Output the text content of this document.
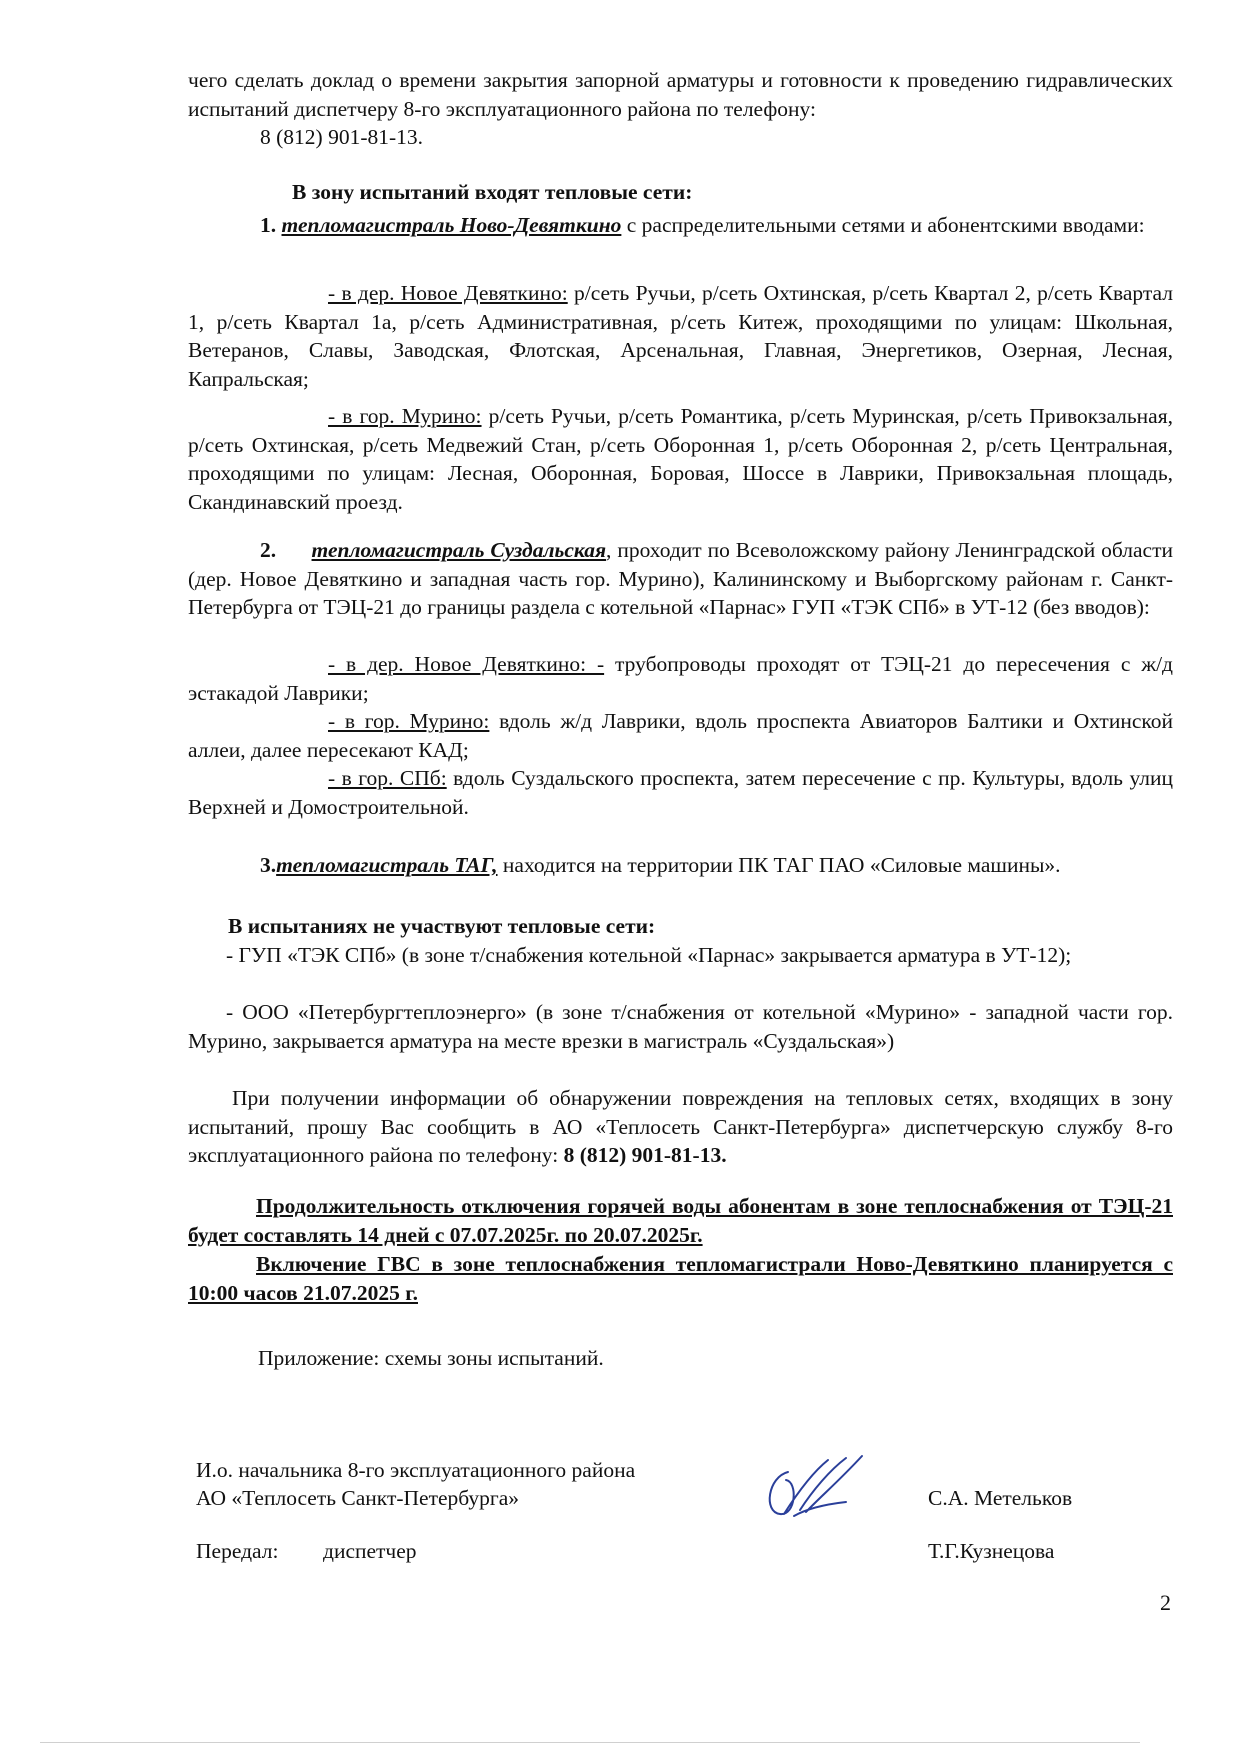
чего сделать доклад о времени закрытия запорной арматуры и готовности к проведению гидравлических испытаний диспетчеру 8-го эксплуатационного района по телефону:
8 (812) 901-81-13.

В зону испытаний входят тепловые сети:

1. тепломагистраль Ново-Девяткино с распределительными сетями и абонентскими вводами:

- в дер. Новое Девяткино: р/сеть Ручьи, р/сеть Охтинская, р/сеть Квартал 2, р/сеть Квартал 1, р/сеть Квартал 1а, р/сеть Административная, р/сеть Китеж, проходящими по улицам: Школьная, Ветеранов, Славы, Заводская, Флотская, Арсенальная, Главная, Энергетиков, Озерная, Лесная, Капральская;

- в гор. Мурино: р/сеть Ручьи, р/сеть Романтика, р/сеть Муринская, р/сеть Привокзальная, р/сеть Охтинская, р/сеть Медвежий Стан, р/сеть Оборонная 1, р/сеть Оборонная 2, р/сеть Центральная, проходящими по улицам: Лесная, Оборонная, Боровая, Шоссе в Лаврики, Привокзальная площадь, Скандинавский проезд.

2. тепломагистраль Суздальская, проходит по Всеволожскому району Ленинградской области (дер. Новое Девяткино и западная часть гор. Мурино), Калининскому и Выборгскому районам г. Санкт-Петербурга от ТЭЦ-21 до границы раздела с котельной «Парнас» ГУП «ТЭК СПб» в УТ-12 (без вводов):

- в дер. Новое Девяткино: - трубопроводы проходят от ТЭЦ-21 до пересечения с ж/д эстакадой Лаврики;

- в гор. Мурино: вдоль ж/д Лаврики, вдоль проспекта Авиаторов Балтики и Охтинской аллеи, далее пересекают КАД;

- в гор. СПб: вдоль Суздальского проспекта, затем пересечение с пр. Культуры, вдоль улиц Верхней и Домостроительной.

3.тепломагистраль ТАГ, находится на территории ПК ТАГ ПАО «Силовые машины».

В испытаниях не участвуют тепловые сети:

- ГУП «ТЭК СПб» (в зоне т/снабжения котельной «Парнас» закрывается арматура в УТ-12);

- ООО «Петербургтеплоэнерго» (в зоне т/снабжения от котельной «Мурино» - западной части гор. Мурино, закрывается арматура на месте врезки в магистраль «Суздальская»)

При получении информации об обнаружении повреждения на тепловых сетях, входящих в зону испытаний, прошу Вас сообщить в АО «Теплосеть Санкт-Петербурга» диспетчерскую службу 8-го эксплуатационного района по телефону: 8 (812) 901-81-13.

Продолжительность отключения горячей воды абонентам в зоне теплоснабжения от ТЭЦ-21 будет составлять 14 дней с 07.07.2025г. по 20.07.2025г.

Включение ГВС в зоне теплоснабжения тепломагистрали Ново-Девяткино планируется с 10:00 часов 21.07.2025 г.

Приложение: схемы зоны испытаний.
И.о. начальника 8-го эксплуатационного района
АО «Теплосеть Санкт-Петербурга»	С.А. Метельков
Передал: диспетчер	Т.Г.Кузнецова
2
